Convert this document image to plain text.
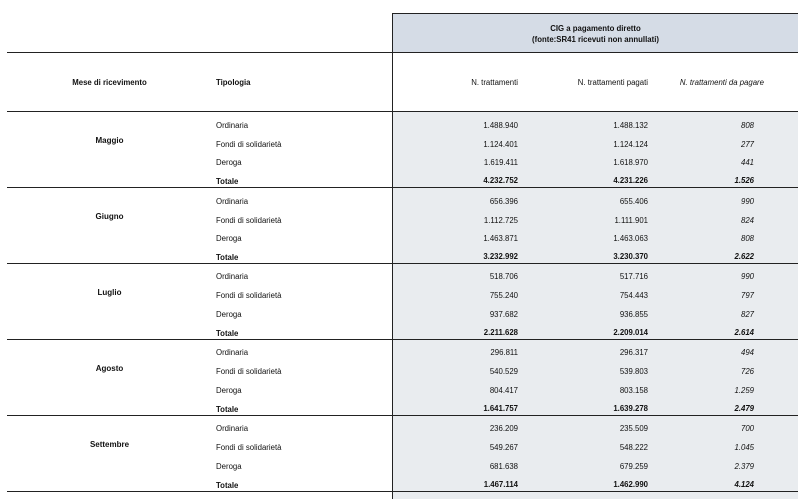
CIG a pagamento diretto
(fonte:SR41 ricevuti non annullati)
Mese di ricevimento	Tipologia	N. trattamenti	N. trattamenti pagati	N. trattamenti da pagare
Maggio
Ordinaria	1.488.940	1.488.132	808
Fondi di solidarietà	1.124.401	1.124.124	277
Deroga	1.619.411	1.618.970	441
Totale	4.232.752	4.231.226	1.526
Giugno
Ordinaria	656.396	655.406	990
Fondi di solidarietà	1.112.725	1.111.901	824
Deroga	1.463.871	1.463.063	808
Totale	3.232.992	3.230.370	2.622
Luglio
Ordinaria	518.706	517.716	990
Fondi di solidarietà	755.240	754.443	797
Deroga	937.682	936.855	827
Totale	2.211.628	2.209.014	2.614
Agosto
Ordinaria	296.811	296.317	494
Fondi di solidarietà	540.529	539.803	726
Deroga	804.417	803.158	1.259
Totale	1.641.757	1.639.278	2.479
Settembre
Ordinaria	236.209	235.509	700
Fondi di solidarietà	549.267	548.222	1.045
Deroga	681.638	679.259	2.379
Totale	1.467.114	1.462.990	4.124
